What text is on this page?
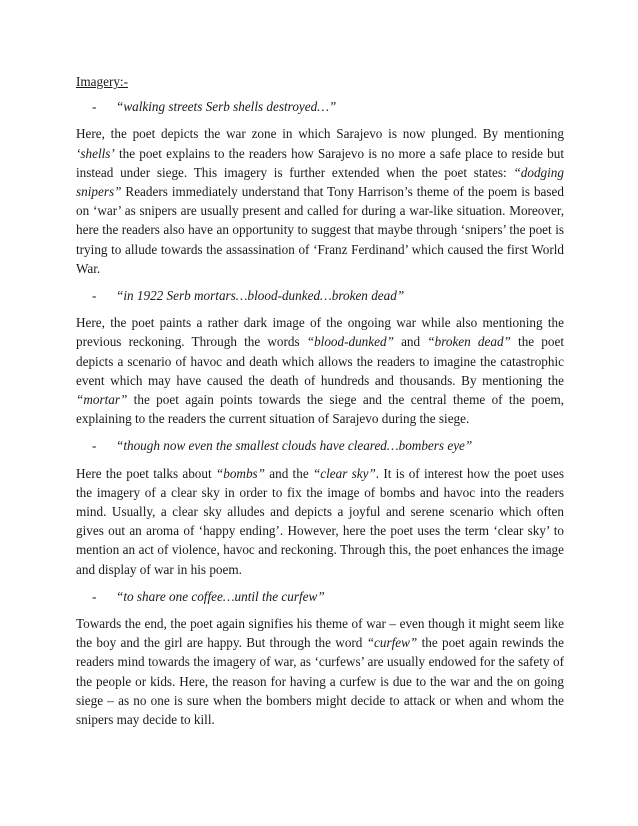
Imagery:-

- “walking streets Serb shells destroyed…”

Here, the poet depicts the war zone in which Sarajevo is now plunged. By mentioning ‘shells’ the poet explains to the readers how Sarajevo is no more a safe place to reside but instead under siege. This imagery is further extended when the poet states: “dodging snipers” Readers immediately understand that Tony Harrison’s theme of the poem is based on ‘war’ as snipers are usually present and called for during a war-like situation. Moreover, here the readers also have an opportunity to suggest that maybe through ‘snipers’ the poet is trying to allude towards the assassination of ‘Franz Ferdinand’ which caused the first World War.

- “in 1922 Serb mortars…blood-dunked…broken dead”

Here, the poet paints a rather dark image of the ongoing war while also mentioning the previous reckoning. Through the words “blood-dunked” and “broken dead” the poet depicts a scenario of havoc and death which allows the readers to imagine the catastrophic event which may have caused the death of hundreds and thousands. By mentioning the “mortar” the poet again points towards the siege and the central theme of the poem, explaining to the readers the current situation of Sarajevo during the siege.

- “though now even the smallest clouds have cleared…bombers eye”

Here the poet talks about “bombs” and the “clear sky”. It is of interest how the poet uses the imagery of a clear sky in order to fix the image of bombs and havoc into the readers mind. Usually, a clear sky alludes and depicts a joyful and serene scenario which often gives out an aroma of ‘happy ending’. However, here the poet uses the term ‘clear sky’ to mention an act of violence, havoc and reckoning. Through this, the poet enhances the image and display of war in his poem.

- “to share one coffee…until the curfew”

Towards the end, the poet again signifies his theme of war – even though it might seem like the boy and the girl are happy. But through the word “curfew” the poet again rewinds the readers mind towards the imagery of war, as ‘curfews’ are usually endowed for the safety of the people or kids. Here, the reason for having a curfew is due to the war and the on going siege – as no one is sure when the bombers might decide to attack or when and whom the snipers may decide to kill.
